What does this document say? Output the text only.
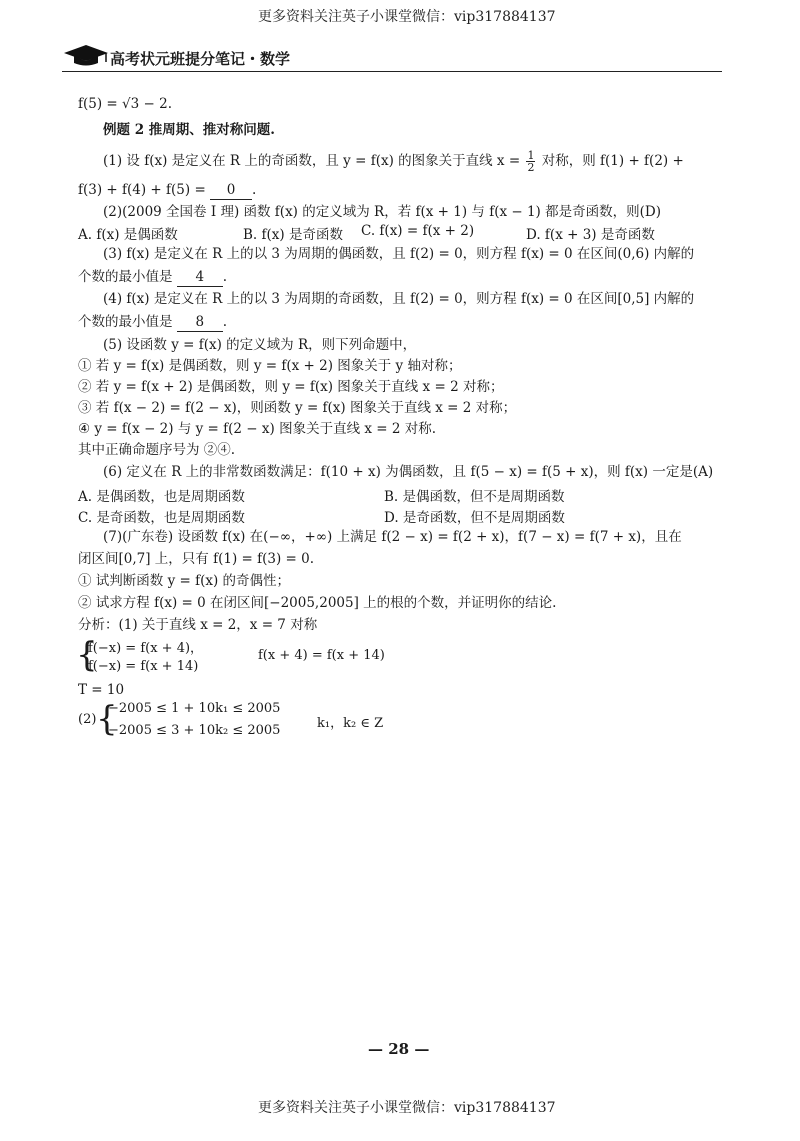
更多资料关注英子小课堂微信：vip317884137
高考状元班提分笔记・数学
f(5) = √3 − 2.
例题 2 推周期、推对称问题.
(1) 设 f(x) 是定义在 R 上的奇函数，且 y = f(x) 的图象关于直线 $x = \frac{1}{2}$ 对称，则 f(1) + f(2) +
f(3) + f(4) + f(5) = 0 .
(2)(2009 全国卷 Ⅰ 理) 函数 f(x) 的定义域为 R，若 f(x + 1) 与 f(x − 1) 都是奇函数，则(D)
A. f(x) 是偶函数	B. f(x) 是奇函数 C. f(x) = f(x + 2)	D. f(x + 3) 是奇函数
(3) f(x) 是定义在 R 上的以 3 为周期的偶函数，且 f(2) = 0，则方程 f(x) = 0 在区间(0,6) 内解的
个数的最小值是 4 .
(4) f(x) 是定义在 R 上的以 3 为周期的奇函数，且 f(2) = 0，则方程 f(x) = 0 在区间[0,5] 内解的
个数的最小值是 8 .
(5) 设函数 y = f(x) 的定义域为 R，则下列命题中，
① 若 y = f(x) 是偶函数，则 y = f(x + 2) 图象关于 y 轴对称；
② 若 y = f(x + 2) 是偶函数，则 y = f(x) 图象关于直线 x = 2 对称；
③ 若 f(x − 2) = f(2 − x)，则函数 y = f(x) 图象关于直线 x = 2 对称；
④ y = f(x − 2) 与 y = f(2 − x) 图象关于直线 x = 2 对称.
其中正确命题序号为 ②④.
(6) 定义在 R 上的非常数函数满足：f(10 + x) 为偶函数，且 f(5 − x) = f(5 + x)，则 f(x) 一定是(A)
A. 是偶函数，也是周期函数	B. 是偶函数，但不是周期函数
C. 是奇函数，也是周期函数	D. 是奇函数，但不是周期函数
(7)(广东卷) 设函数 f(x) 在(−∞，+∞) 上满足 f(2 − x) = f(2 + x)，f(7 − x) = f(7 + x)，且在
闭区间[0,7] 上，只有 f(1) = f(3) = 0.
① 试判断函数 y = f(x) 的奇偶性；
② 试求方程 f(x) = 0 在闭区间[−2005,2005] 上的根的个数，并证明你的结论.
分析：(1) 关于直线 x = 2，x = 7 对称
{
f(−x) = f(x + 4)，
f(−x) = f(x + 14)
f(x + 4) = f(x + 14)
T = 10
(2) {
−2005 ≤ 1 + 10k₁ ≤ 2005
−2005 ≤ 3 + 10k₂ ≤ 2005	k₁，k₂ ∈ Z
— 28 —
更多资料关注英子小课堂微信：vip317884137
